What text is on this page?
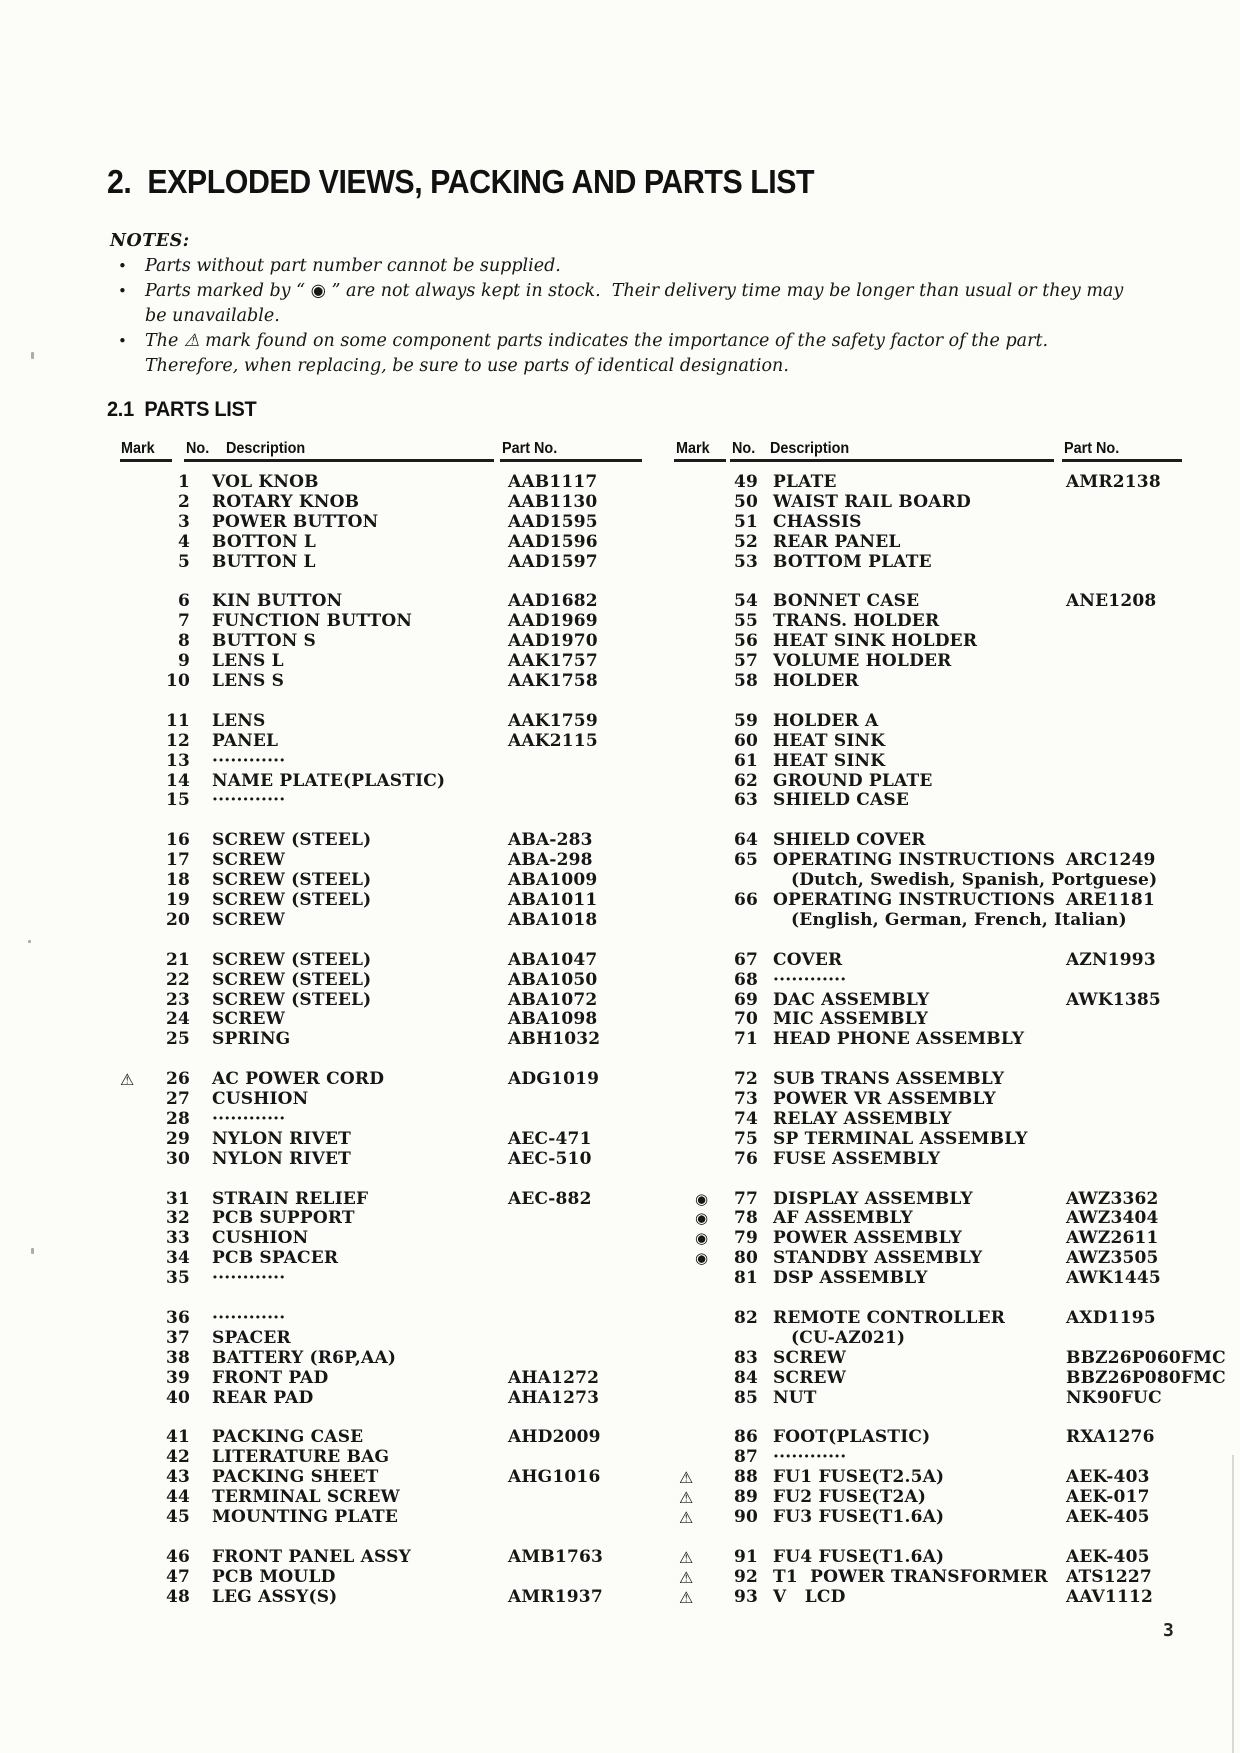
2.  EXPLODED VIEWS, PACKING AND PARTS LIST
NOTES:
• Parts without part number cannot be supplied.
• Parts marked by “ ◉ ” are not always kept in stock.  Their delivery time may be longer than usual or they may
be unavailable.
• The ⚠ mark found on some component parts indicates the importance of the safety factor of the part.
Therefore, when replacing, be sure to use parts of identical designation.
2.1  PARTS LIST
Mark No. Description	Part No.	Mark No. Description	Part No.
1 VOL KNOB	AAB1117
2 ROTARY KNOB	AAB1130
3 POWER BUTTON	AAD1595
4 BOTTON L	AAD1596
5 BUTTON L	AAD1597
6 KIN BUTTON	AAD1682
7 FUNCTION BUTTON	AAD1969
8 BUTTON S	AAD1970
9 LENS L	AAK1757
10 LENS S	AAK1758
11 LENS	AAK1759
12 PANEL	AAK2115
13 ············
14 NAME PLATE(PLASTIC)
15 ············
16 SCREW (STEEL)	ABA-283
17 SCREW	ABA-298
18 SCREW (STEEL)	ABA1009
19 SCREW (STEEL)	ABA1011
20 SCREW	ABA1018
21 SCREW (STEEL)	ABA1047
22 SCREW (STEEL)	ABA1050
23 SCREW (STEEL)	ABA1072
24 SCREW	ABA1098
25 SPRING	ABH1032
⚠	26 AC POWER CORD	ADG1019
27 CUSHION
28 ············
29 NYLON RIVET	AEC-471
30 NYLON RIVET	AEC-510
31 STRAIN RELIEF	AEC-882
32 PCB SUPPORT
33 CUSHION
34 PCB SPACER
35 ············
36 ············
37 SPACER
38 BATTERY (R6P,AA)
39 FRONT PAD	AHA1272
40 REAR PAD	AHA1273
41 PACKING CASE	AHD2009
42 LITERATURE BAG
43 PACKING SHEET	AHG1016
44 TERMINAL SCREW
45 MOUNTING PLATE
46 FRONT PANEL ASSY	AMB1763
47 PCB MOULD
48 LEG ASSY(S)	AMR1937
49 PLATE	AMR2138
50 WAIST RAIL BOARD
51 CHASSIS
52 REAR PANEL
53 BOTTOM PLATE
54 BONNET CASE	ANE1208
55 TRANS. HOLDER
56 HEAT SINK HOLDER
57 VOLUME HOLDER
58 HOLDER
59 HOLDER A
60 HEAT SINK
61 HEAT SINK
62 GROUND PLATE
63 SHIELD CASE
64 SHIELD COVER
65 OPERATING INSTRUCTIONS ARC1249
(Dutch, Swedish, Spanish, Portguese)
66 OPERATING INSTRUCTIONS ARE1181
(English, German, French, Italian)
67 COVER	AZN1993
68 ············
69 DAC ASSEMBLY	AWK1385
70 MIC ASSEMBLY
71 HEAD PHONE ASSEMBLY
72 SUB TRANS ASSEMBLY
73 POWER VR ASSEMBLY
74 RELAY ASSEMBLY
75 SP TERMINAL ASSEMBLY
76 FUSE ASSEMBLY
◉	77 DISPLAY ASSEMBLY	AWZ3362
◉	78 AF ASSEMBLY	AWZ3404
◉	79 POWER ASSEMBLY	AWZ2611
◉	80 STANDBY ASSEMBLY	AWZ3505
81 DSP ASSEMBLY	AWK1445
82 REMOTE CONTROLLER	AXD1195
(CU-AZ021)
83 SCREW	BBZ26P060FMC
84 SCREW	BBZ26P080FMC
85 NUT	NK90FUC
86 FOOT(PLASTIC)	RXA1276
87 ············
⚠	88 FU1 FUSE(T2.5A)	AEK-403
⚠	89 FU2 FUSE(T2A)	AEK-017
⚠	90 FU3 FUSE(T1.6A)	AEK-405
⚠	91 FU4 FUSE(T1.6A)	AEK-405
⚠	92 T1  POWER TRANSFORMER	ATS1227
⚠	93 V   LCD	AAV1112
3
